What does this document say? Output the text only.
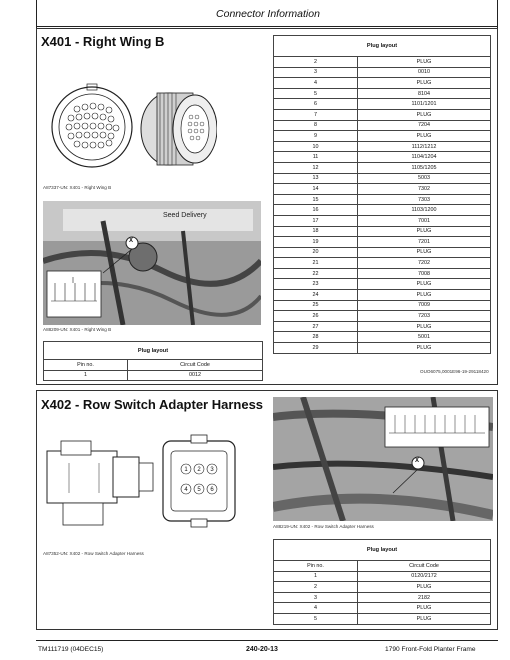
Connector Information
X401 - Right Wing B
A87337-UN: X401 - Right Wing B
Seed Delivery
X
A88209-UN: X401 - Right Wing B
Plug layout	
Pin no.	Circuit Code
1	0012
Plug layout	
2	PLUG
3	0010
4	PLUG
5	8104
6	1101/1201
7	PLUG
8	7204
9	PLUG
10	1112/1212
11	1104/1204
12	1105/1205
13	5003
14	7302
15	7303
16	1103/1200
17	7001
18	PLUG
19	7201
20	PLUG
21	7202
22	7008
23	PLUG
24	PLUG
25	7009
26	7203
27	PLUG
28	5001
29	PLUG
OUO6075,0001E96-19-29118420
X402 - Row Switch Adapter Harness
1 2 3
4 5 6
A87352-UN: X402 - Row Switch Adapter Harness
X
A88219-UN: X402 - Row Switch Adapter Harness
Plug layout	
Pin no.	Circuit Code
1	0120/2172
2	PLUG
3	2182
4	PLUG
5	PLUG
TM111719 (04DEC15)	240-20-13	1790 Front-Fold Planter Frame
